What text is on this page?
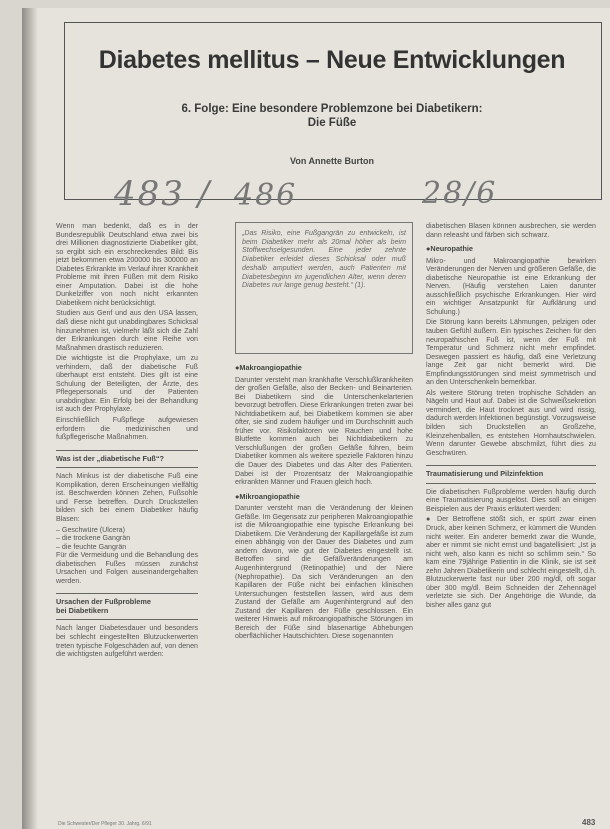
Diabetes mellitus – Neue Entwicklungen
6. Folge: Eine besondere Problemzone bei Diabetikern:
Die Füße
Von Annette Burton
483 / 486	28/6

Wenn man bedenkt, daß es in der Bundesrepublik Deutschland etwa zwei bis drei Millionen diagnostizierte Diabetiker gibt, so ergibt sich ein erschreckendes Bild: Bis jetzt bekommen etwa 200000 bis 300000 an Diabetes Erkrankte im Verlauf ihrer Krankheit Probleme mit ihren Füßen mit dem Risiko einer Amputation. Dabei ist die hohe Dunkelziffer von noch nicht erkannten Diabetikern nicht berücksichtigt.

Studien aus Genf und aus den USA lassen, daß diese nicht gut unabdingbares Schicksal hinzunehmen ist, vielmehr läßt sich die Zahl der Erkrankungen durch eine Reihe von Maßnahmen drastisch reduzieren.

Die wichtigste ist die Prophylaxe, um zu verhindern, daß der diabetische Fuß überhaupt erst entsteht. Dies gilt ist eine Schulung der Beteiligten, der Ärzte, des Pflegepersonals und der Patienten unabdingbar. Ein Erfolg bei der Behandlung ist auch der Prophylaxe.

Einschließlich Fußpflege aufgewiesen erfordern die medizinischen und fußpflegerische Maßnahmen.

Was ist der „diabetische Fuß“?

Nach Minkus ist der diabetische Fuß eine Komplikation, deren Erscheinungen vielfältig ist. Beschwerden können Zehen, Fußsohle und Ferse betreffen. Durch Druckstellen bilden sich bei einem Diabetiker häufig Blasen:

– Geschwüre (Ulcera)
– die trockene Gangrän
– die feuchte Gangrän

Für die Vermeidung und die Behandlung des diabetischen Fußes müssen zunächst Ursachen und Folgen auseinandergehalten werden.

Ursachen der Fußprobleme
bei Diabetikern

Nach langer Diabetesdauer und besonders bei schlecht eingestellten Blutzuckerwerten treten typische Folgeschäden auf, von denen die wichtigsten aufgeführt werden:

„Das Risiko, eine Fußgangrän zu entwickeln, ist beim Diabetiker mehr als 20mal höher als beim Stoffwechselgesunden. Eine jeder zehnte Diabetiker erleidet dieses Schicksal oder muß deshalb amputiert werden, auch Patienten mit Diabetesbeginn im jugendlichen Alter, wenn deren Diabetes nur lange genug besteht.“ (1).
● Makroangiopathie

Darunter versteht man krankhafte Verschlußkrankheiten der großen Gefäße, also der Becken- und Beinarterien. Bei Diabetikern sind die Unterschenkelarterien bevorzugt betroffen. Diese Erkrankungen treten zwar bei Nichtdiabetikern auf, bei Diabetikern kommen sie aber öfter, sie sind zudem häufiger und im Durchschnitt auch früher vor. Risikofaktoren wie Rauchen und hohe Blutfette kommen auch bei Nichtdiabetikern zu Verschlußungen der großen Gefäße führen, beim Diabetiker kommen als weitere spezielle Faktoren hinzu die Dauer des Diabetes und das Alter des Patienten. Dabei ist der Prozentsatz der Makroangiopathie erkrankten Männer und Frauen gleich hoch.

● Mikroangiopathie

Darunter versteht man die Veränderung der kleinen Gefäße. Im Gegensatz zur peripheren Makroangiopathie ist die Mikroangiopathie eine typische Erkrankung bei Diabetikern. Die Veränderung der Kapillargefäße ist zum einen abhängig von der Dauer des Diabetes und zum andern davon, wie gut der Diabetes eingestellt ist. Betroffen sind die Gefäßveränderungen am Augenhintergrund (Retinopathie) und der Niere (Nephropathie). Da sich Veränderungen an den Kapillaren der Füße nicht bei einfachen klinischen Untersuchungen feststellen lassen, wird aus dem Zustand der Gefäße am Augenhintergrund auf den Zustand der Kapillaren der Füße geschlossen. Ein weiterer Hinweis auf mikroangiopathische Störungen im Bereich der Füße sind blasenartige Abhebungen oberflächlicher Hautschichten. Diese sogenannten

diabetischen Blasen können ausbrechen, sie werden dann releasht und färben sich schwarz.

● Neuropathie

Mikro- und Makroangiopathie bewirken Veränderungen der Nerven und größeren Gefäße, die diabetische Neuropathie ist eine Erkrankung der Nerven. (Häufig verstehen Laien darunter ausschließlich psychische Erkrankungen. Hier wird ein wichtiger Ansatzpunkt für Aufklärung und Schulung.)

Die Störung kann bereits Lähmungen, pelzigen oder tauben Gefühl äußern. Ein typisches Zeichen für den neuropathischen Fuß ist, wenn der Fuß mit Temperatur und Schmerz nicht mehr empfindet. Deswegen passiert es häufig, daß eine Verletzung lange Zeit gar nicht bemerkt wird. Die Empfindungsstörungen sind meist symmetrisch und an den Unterschenkeln bemerkbar.

Als weitere Störung treten trophische Schäden an Nägeln und Haut auf. Dabei ist die Schweißsekretion vermindert, die Haut trocknet aus und wird rissig, dadurch werden Infektionen begünstigt. Vorzugsweise bilden sich Druckstellen an Großzehe, Kleinzehenballen, es entstehen Hornhautschwielen. Wenn darunter Gewebe abschmilzt, führt dies zu Geschwüren.

Traumatisierung und Pilzinfektion

Die diabetischen Fußprobleme werden häufig durch eine Traumatisierung ausgelöst. Dies soll an einigen Beispielen aus der Praxis erläutert werden:

● Der Betroffene stößt sich, er spürt zwar einen Druck, aber keinen Schmerz, er kümmert die Wunden nicht weiter. Ein anderer bemerkt zwar die Wunde, aber er nimmt sie nicht ernst und bagatellisiert: „Ist ja nicht weh, also kann es nicht so schlimm sein.“ So kam eine 79jährige Patientin in die Klinik, sie ist seit zehn Jahren Diabetikerin und schlecht eingestellt, d.h. Blutzuckerwerte fast nur über 200 mg/dl, oft sogar über 300 mg/dl. Beim Schneiden der Zehennägel verletzte sie sich. Der Angehörige die Wunde, da bisher alles ganz gut

Die Schwester/Der Pfleger 30. Jahrg. 6/91	483
